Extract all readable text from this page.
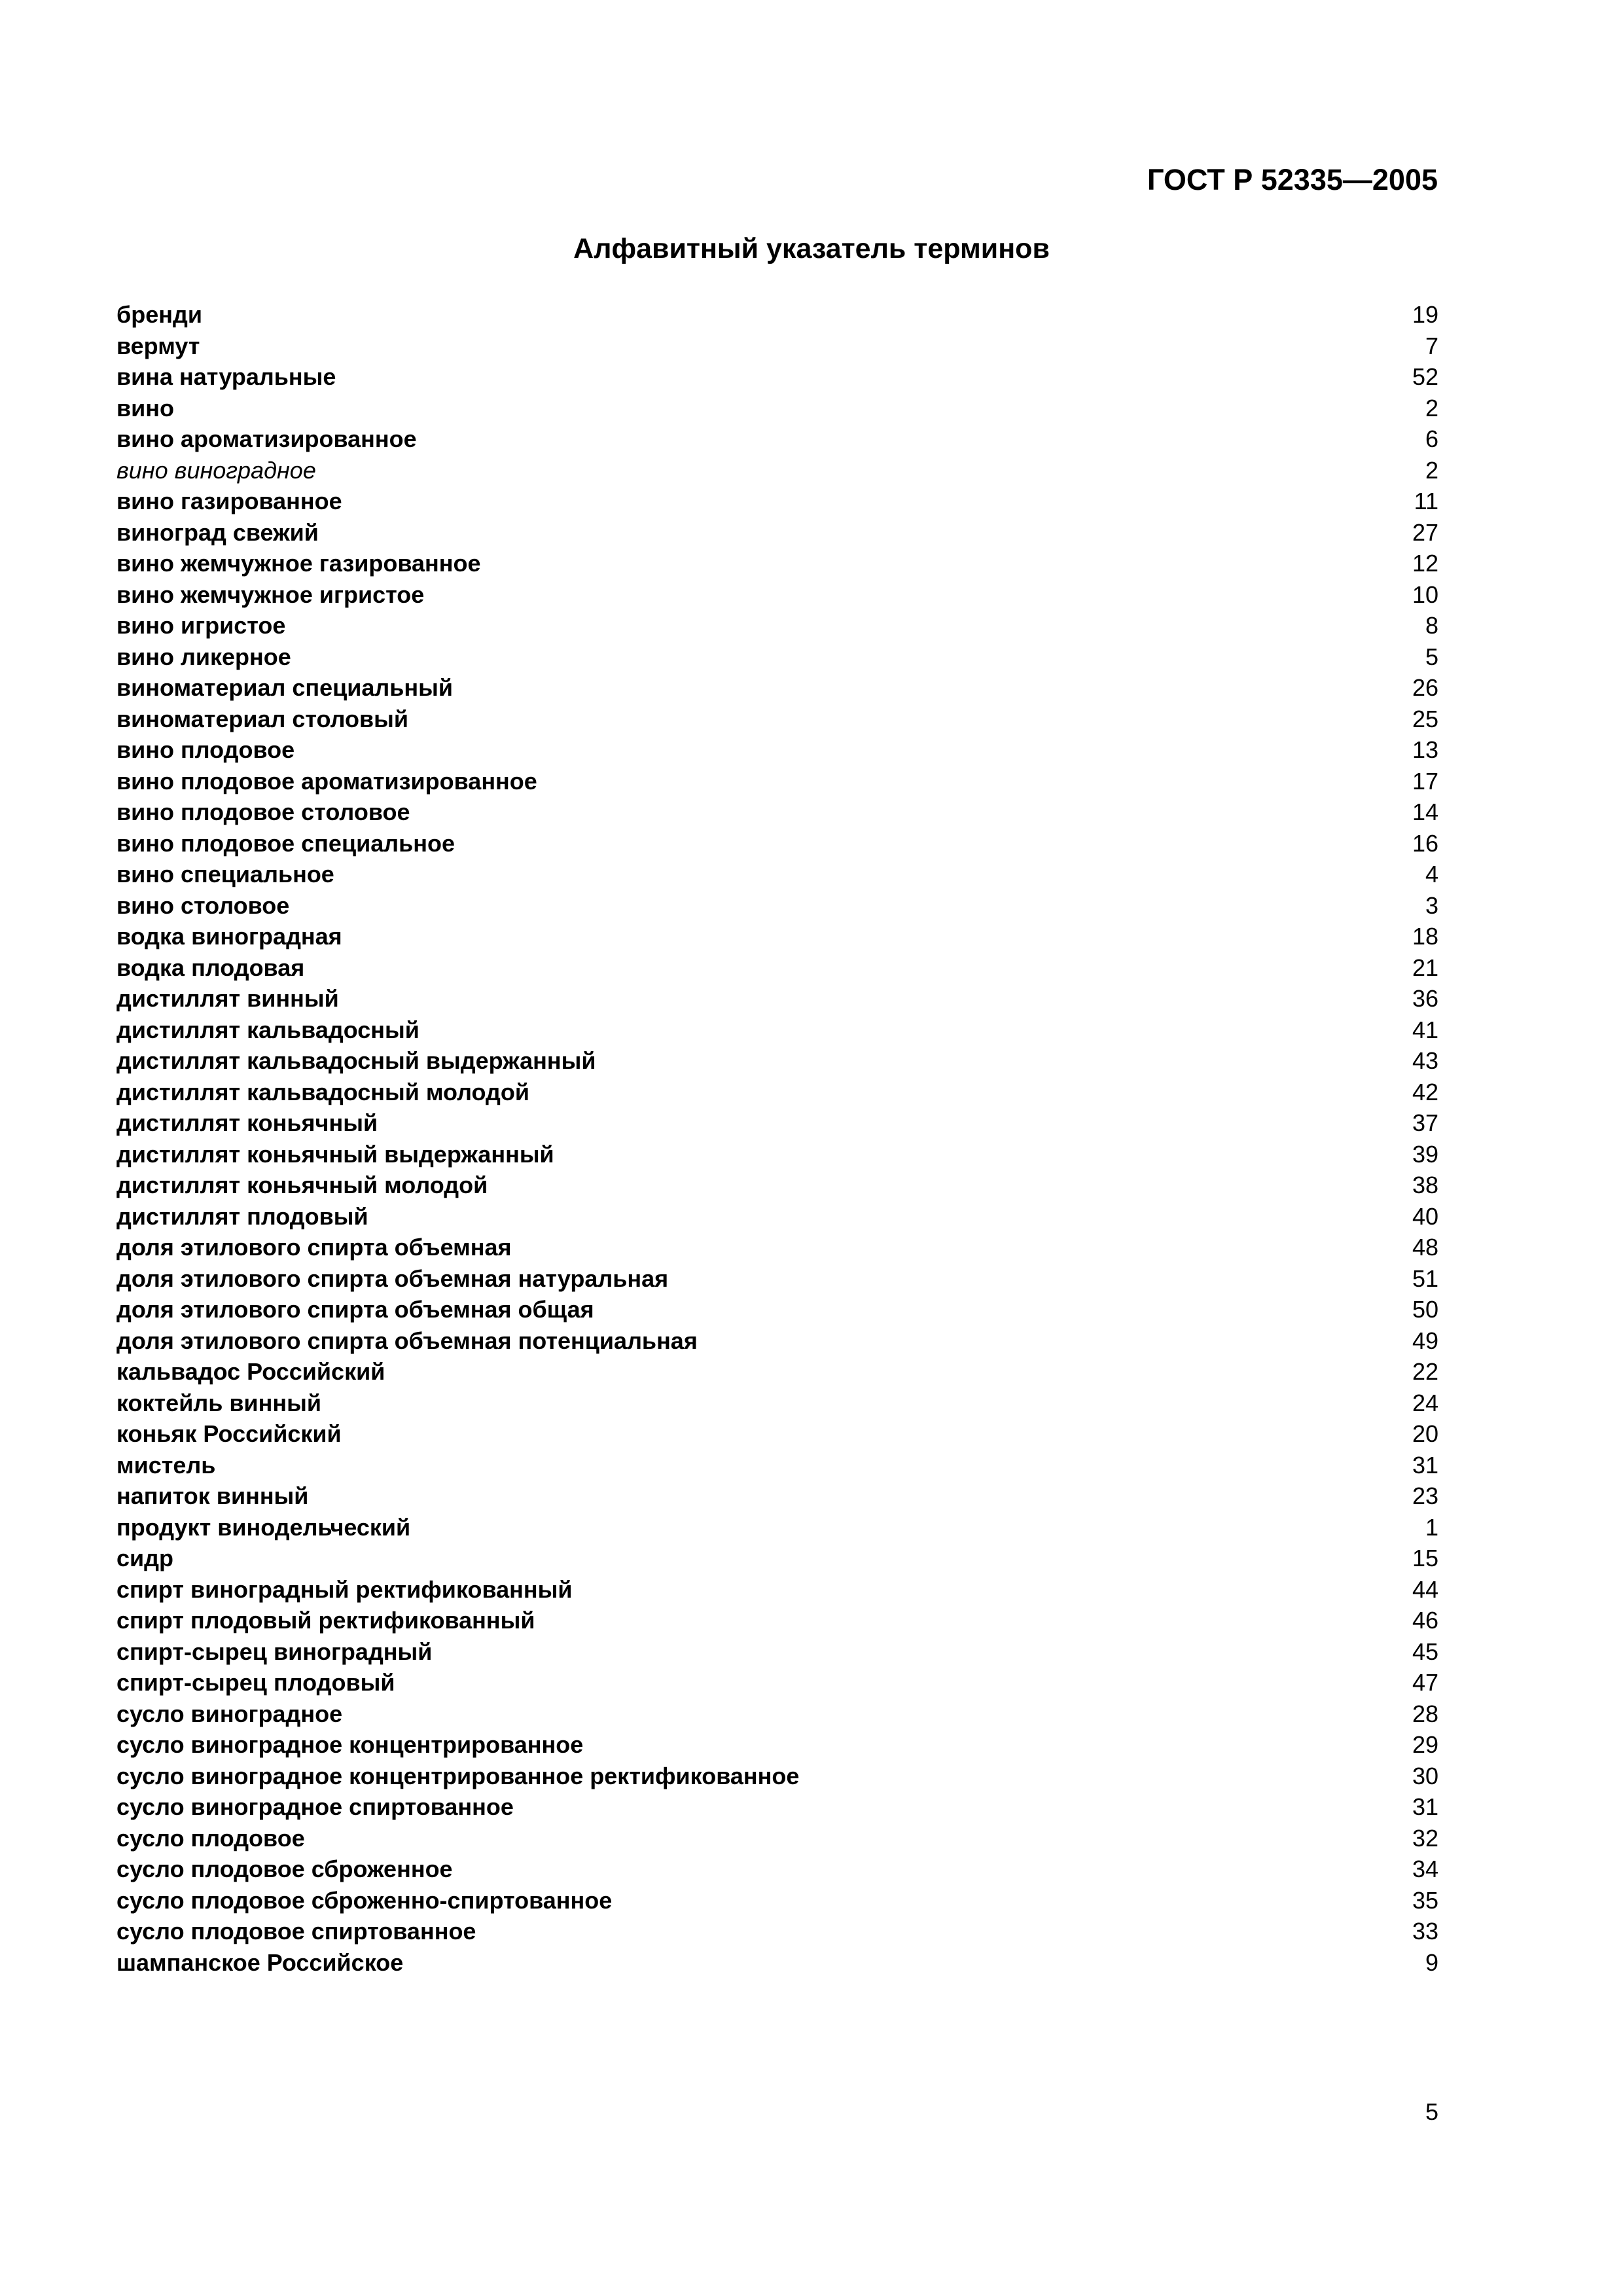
ГОСТ Р 52335—2005
Алфавитный указатель терминов
бренди	19
вермут	7
вина натуральные	52
вино	2
вино ароматизированное	6
вино виноградное	2
вино газированное	11
виноград свежий	27
вино жемчужное газированное	12
вино жемчужное игристое	10
вино игристое	8
вино ликерное	5
виноматериал специальный	26
виноматериал столовый	25
вино плодовое	13
вино плодовое ароматизированное	17
вино плодовое столовое	14
вино плодовое специальное	16
вино специальное	4
вино столовое	3
водка виноградная	18
водка плодовая	21
дистиллят винный	36
дистиллят кальвадосный	41
дистиллят кальвадосный выдержанный	43
дистиллят кальвадосный молодой	42
дистиллят коньячный	37
дистиллят коньячный выдержанный	39
дистиллят коньячный молодой	38
дистиллят плодовый	40
доля этилового спирта объемная	48
доля этилового спирта объемная натуральная	51
доля этилового спирта объемная общая	50
доля этилового спирта объемная потенциальная	49
кальвадос Российский	22
коктейль винный	24
коньяк Российский	20
мистель	31
напиток винный	23
продукт винодельческий	1
сидр	15
спирт виноградный ректификованный	44
спирт плодовый ректификованный	46
спирт-сырец виноградный	45
спирт-сырец плодовый	47
сусло виноградное	28
сусло виноградное концентрированное	29
сусло виноградное концентрированное ректификованное	30
сусло виноградное спиртованное	31
сусло плодовое	32
сусло плодовое сброженное	34
сусло плодовое сброженно-спиртованное	35
сусло плодовое спиртованное	33
шампанское Российское	9
5
